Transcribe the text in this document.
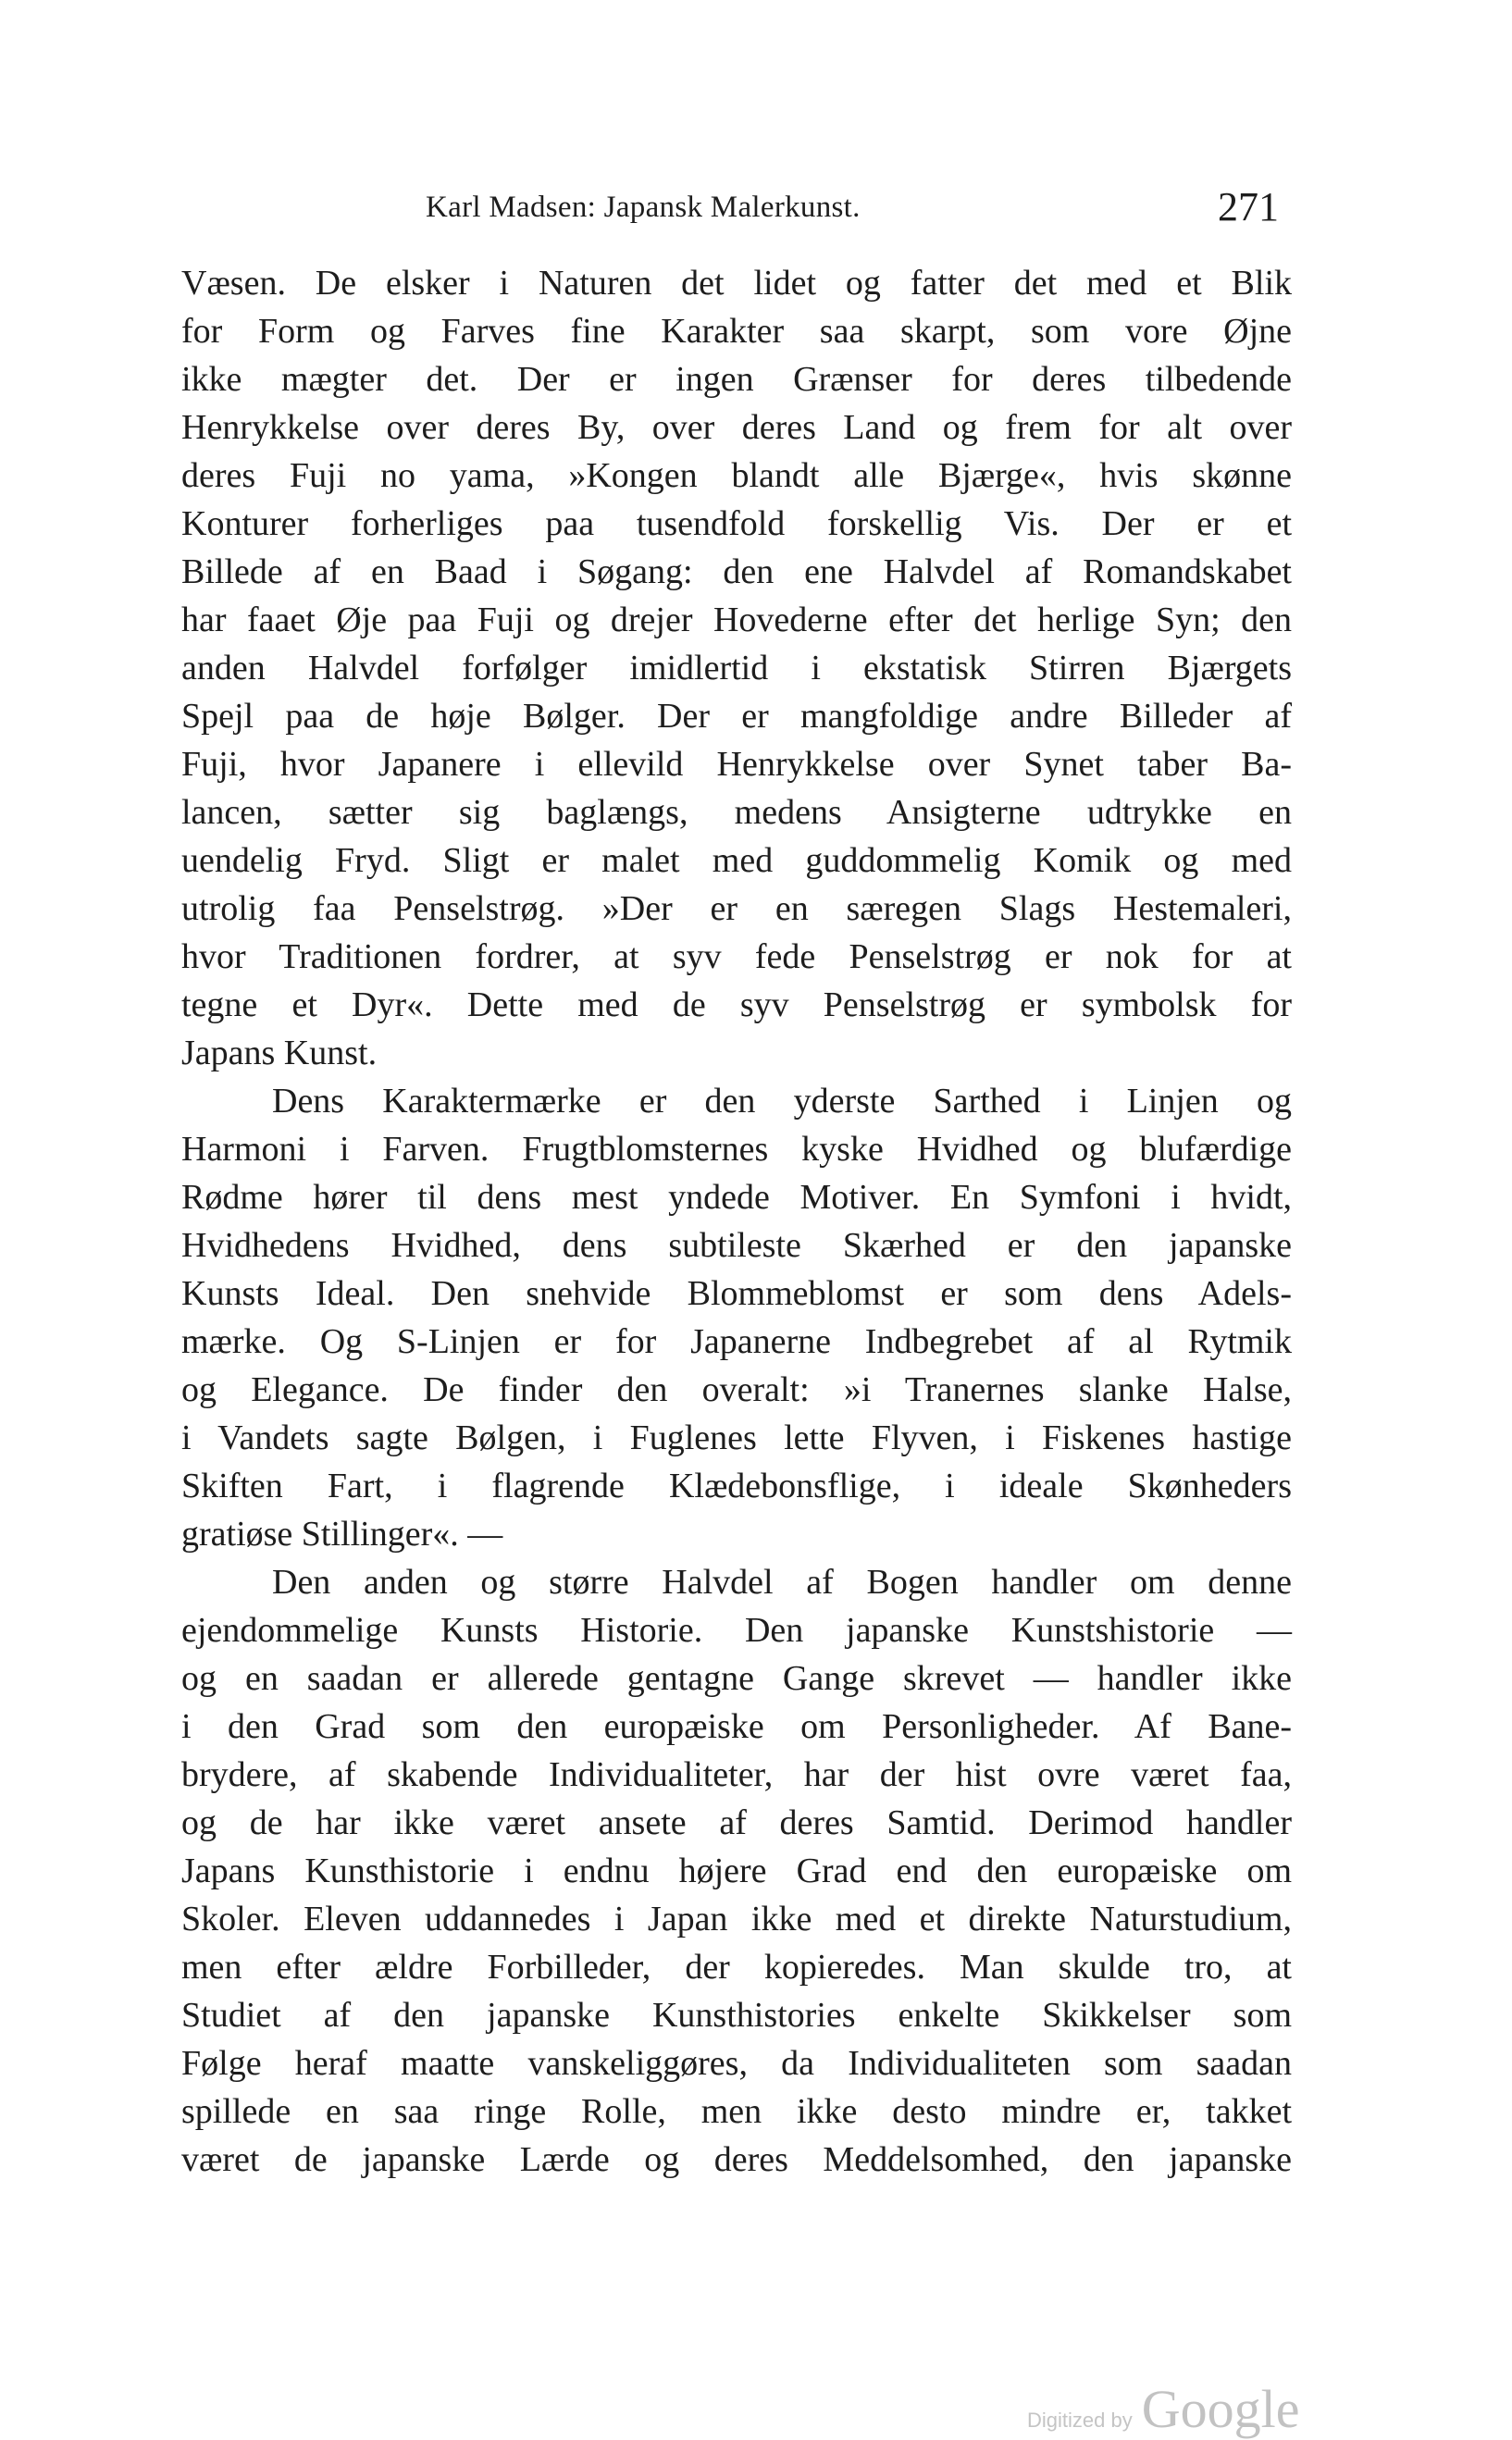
Karl Madsen: Japansk Malerkunst.	271
Væsen. De elsker i Naturen det lidet og fatter det med et Blik
for Form og Farves fine Karakter saa skarpt, som vore Øjne
ikke mægter det. Der er ingen Grænser for deres tilbedende
Henrykkelse over deres By, over deres Land og frem for alt over
deres Fuji no yama, »Kongen blandt alle Bjærge«, hvis skønne
Konturer forherliges paa tusendfold forskellig Vis. Der er et
Billede af en Baad i Søgang: den ene Halvdel af Romandskabet
har faaet Øje paa Fuji og drejer Hovederne efter det herlige Syn; den
anden Halvdel forfølger imidlertid i ekstatisk Stirren Bjærgets
Spejl paa de høje Bølger. Der er mangfoldige andre Billeder af
Fuji, hvor Japanere i ellevild Henrykkelse over Synet taber Ba-
lancen, sætter sig baglængs, medens Ansigterne udtrykke en
uendelig Fryd. Sligt er malet med guddommelig Komik og med
utrolig faa Penselstrøg. »Der er en særegen Slags Hestemaleri,
hvor Traditionen fordrer, at syv fede Penselstrøg er nok for at
tegne et Dyr«. Dette med de syv Penselstrøg er symbolsk for
Japans Kunst.
Dens Karaktermærke er den yderste Sarthed i Linjen og
Harmoni i Farven. Frugtblomsternes kyske Hvidhed og blufærdige
Rødme hører til dens mest yndede Motiver. En Symfoni i hvidt,
Hvidhedens Hvidhed, dens subtileste Skærhed er den japanske
Kunsts Ideal. Den snehvide Blommeblomst er som dens Adels-
mærke. Og S-Linjen er for Japanerne Indbegrebet af al Rytmik
og Elegance. De finder den overalt: »i Tranernes slanke Halse,
i Vandets sagte Bølgen, i Fuglenes lette Flyven, i Fiskenes hastige
Skiften Fart, i flagrende Klædebonsflige, i ideale Skønheders
gratiøse Stillinger«. —
Den anden og større Halvdel af Bogen handler om denne
ejendommelige Kunsts Historie. Den japanske Kunstshistorie —
og en saadan er allerede gentagne Gange skrevet — handler ikke
i den Grad som den europæiske om Personligheder. Af Bane-
brydere, af skabende Individualiteter, har der hist ovre været faa,
og de har ikke været ansete af deres Samtid. Derimod handler
Japans Kunsthistorie i endnu højere Grad end den europæiske om
Skoler. Eleven uddannedes i Japan ikke med et direkte Naturstudium,
men efter ældre Forbilleder, der kopieredes. Man skulde tro, at
Studiet af den japanske Kunsthistories enkelte Skikkelser som
Følge heraf maatte vanskeliggøres, da Individualiteten som saadan
spillede en saa ringe Rolle, men ikke desto mindre er, takket
været de japanske Lærde og deres Meddelsomhed, den japanske
Digitized by Google
